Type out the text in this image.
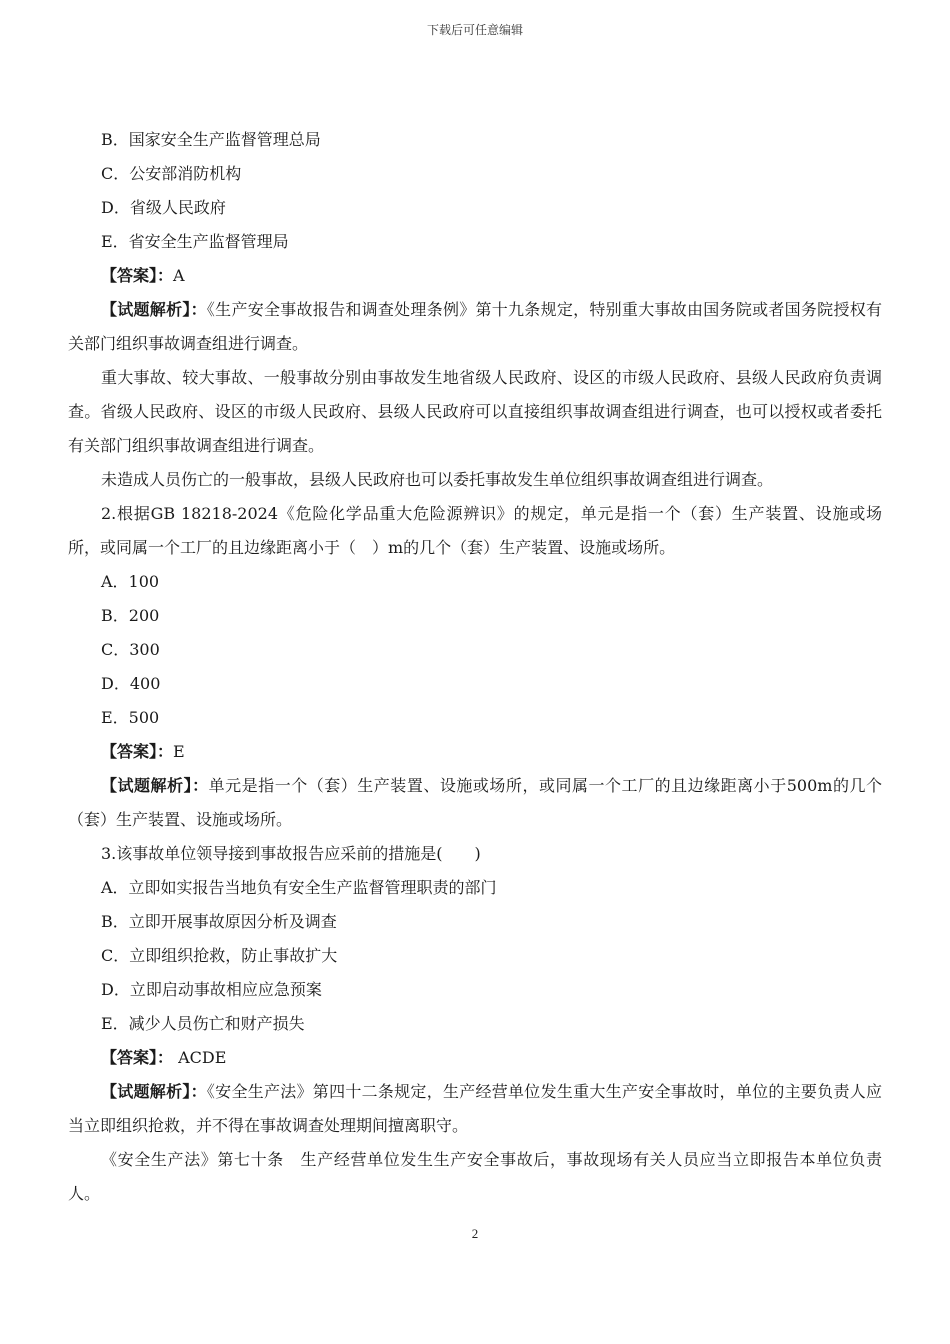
下载后可任意编辑
B．国家安全生产监督管理总局
C．公安部消防机构
D．省级人民政府
E．省安全生产监督管理局
【答案】：A
【试题解析】：《生产安全事故报告和调查处理条例》第十九条规定，特别重大事故由国务院或者国务院授权有关部门组织事故调查组进行调查。
重大事故、较大事故、一般事故分别由事故发生地省级人民政府、设区的市级人民政府、县级人民政府负责调查。省级人民政府、设区的市级人民政府、县级人民政府可以直接组织事故调查组进行调查，也可以授权或者委托有关部门组织事故调查组进行调查。
未造成人员伤亡的一般事故，县级人民政府也可以委托事故发生单位组织事故调查组进行调查。
2.根据GB 18218-2024《危险化学品重大危险源辨识》的规定，单元是指一个（套）生产装置、设施或场所，或同属一个工厂的且边缘距离小于（　）m的几个（套）生产装置、设施或场所。
A．100
B．200
C．300
D．400
E．500
【答案】：E
【试题解析】：单元是指一个（套）生产装置、设施或场所，或同属一个工厂的且边缘距离小于500m的几个（套）生产装置、设施或场所。
3.该事故单位领导接到事故报告应采前的措施是(　　)
A．立即如实报告当地负有安全生产监督管理职责的部门
B．立即开展事故原因分析及调查
C．立即组织抢救，防止事故扩大
D．立即启动事故相应应急预案
E．减少人员伤亡和财产损失
【答案】： ACDE
【试题解析】：《安全生产法》第四十二条规定，生产经营单位发生重大生产安全事故时，单位的主要负责人应当立即组织抢救，并不得在事故调查处理期间擅离职守。
《安全生产法》第七十条　生产经营单位发生生产安全事故后，事故现场有关人员应当立即报告本单位负责人。
2
